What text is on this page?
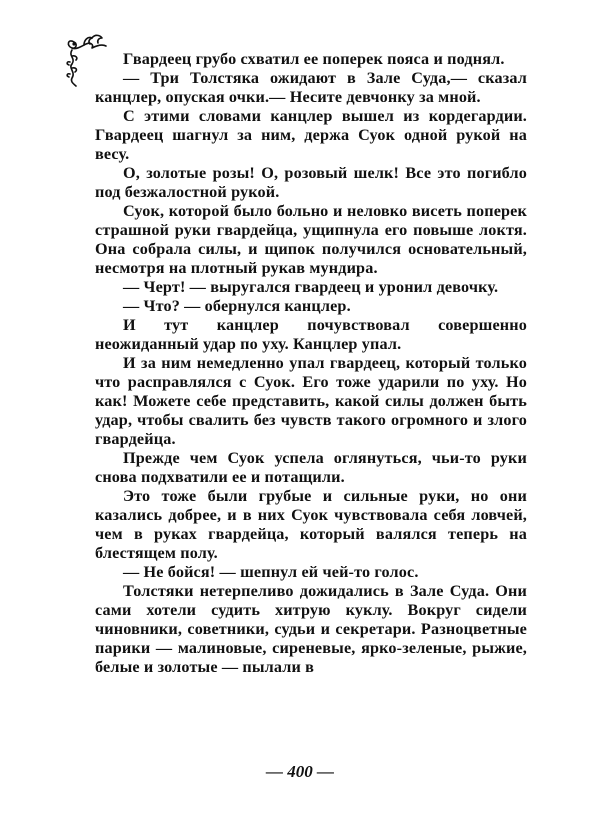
Гвардеец грубо схватил ее поперек пояса и поднял.

— Три Толстяка ожидают в Зале Суда,— сказал канцлер, опуская очки.— Несите девчонку за мной.

С этими словами канцлер вышел из кордегардии. Гвардеец шагнул за ним, держа Суок одной рукой на весу.

О, золотые розы! О, розовый шелк! Все это погибло под безжалостной рукой.

Суок, которой было больно и неловко висеть поперек страшной руки гвардейца, ущипнула его повыше локтя. Она собрала силы, и щипок получился основательный, несмотря на плотный рукав мундира.

— Черт! — выругался гвардеец и уронил девочку.

— Что? — обернулся канцлер.

И тут канцлер почувствовал совершенно неожиданный удар по уху. Канцлер упал.

И за ним немедленно упал гвардеец, который только что расправлялся с Суок. Его тоже ударили по уху. Но как! Можете себе представить, какой силы должен быть удар, чтобы свалить без чувств такого огромного и злого гвардейца.

Прежде чем Суок успела оглянуться, чьи-то руки снова подхватили ее и потащили.

Это тоже были грубые и сильные руки, но они казались добрее, и в них Суок чувствовала себя ловчей, чем в руках гвардейца, который валялся теперь на блестящем полу.

— Не бойся! — шепнул ей чей-то голос.

Толстяки нетерпеливо дожидались в Зале Суда. Они сами хотели судить хитрую куклу. Вокруг сидели чиновники, советники, судьи и секретари. Разноцветные парики — малиновые, сиреневые, ярко-зеленые, рыжие, белые и золотые — пылали в

— 400 —
